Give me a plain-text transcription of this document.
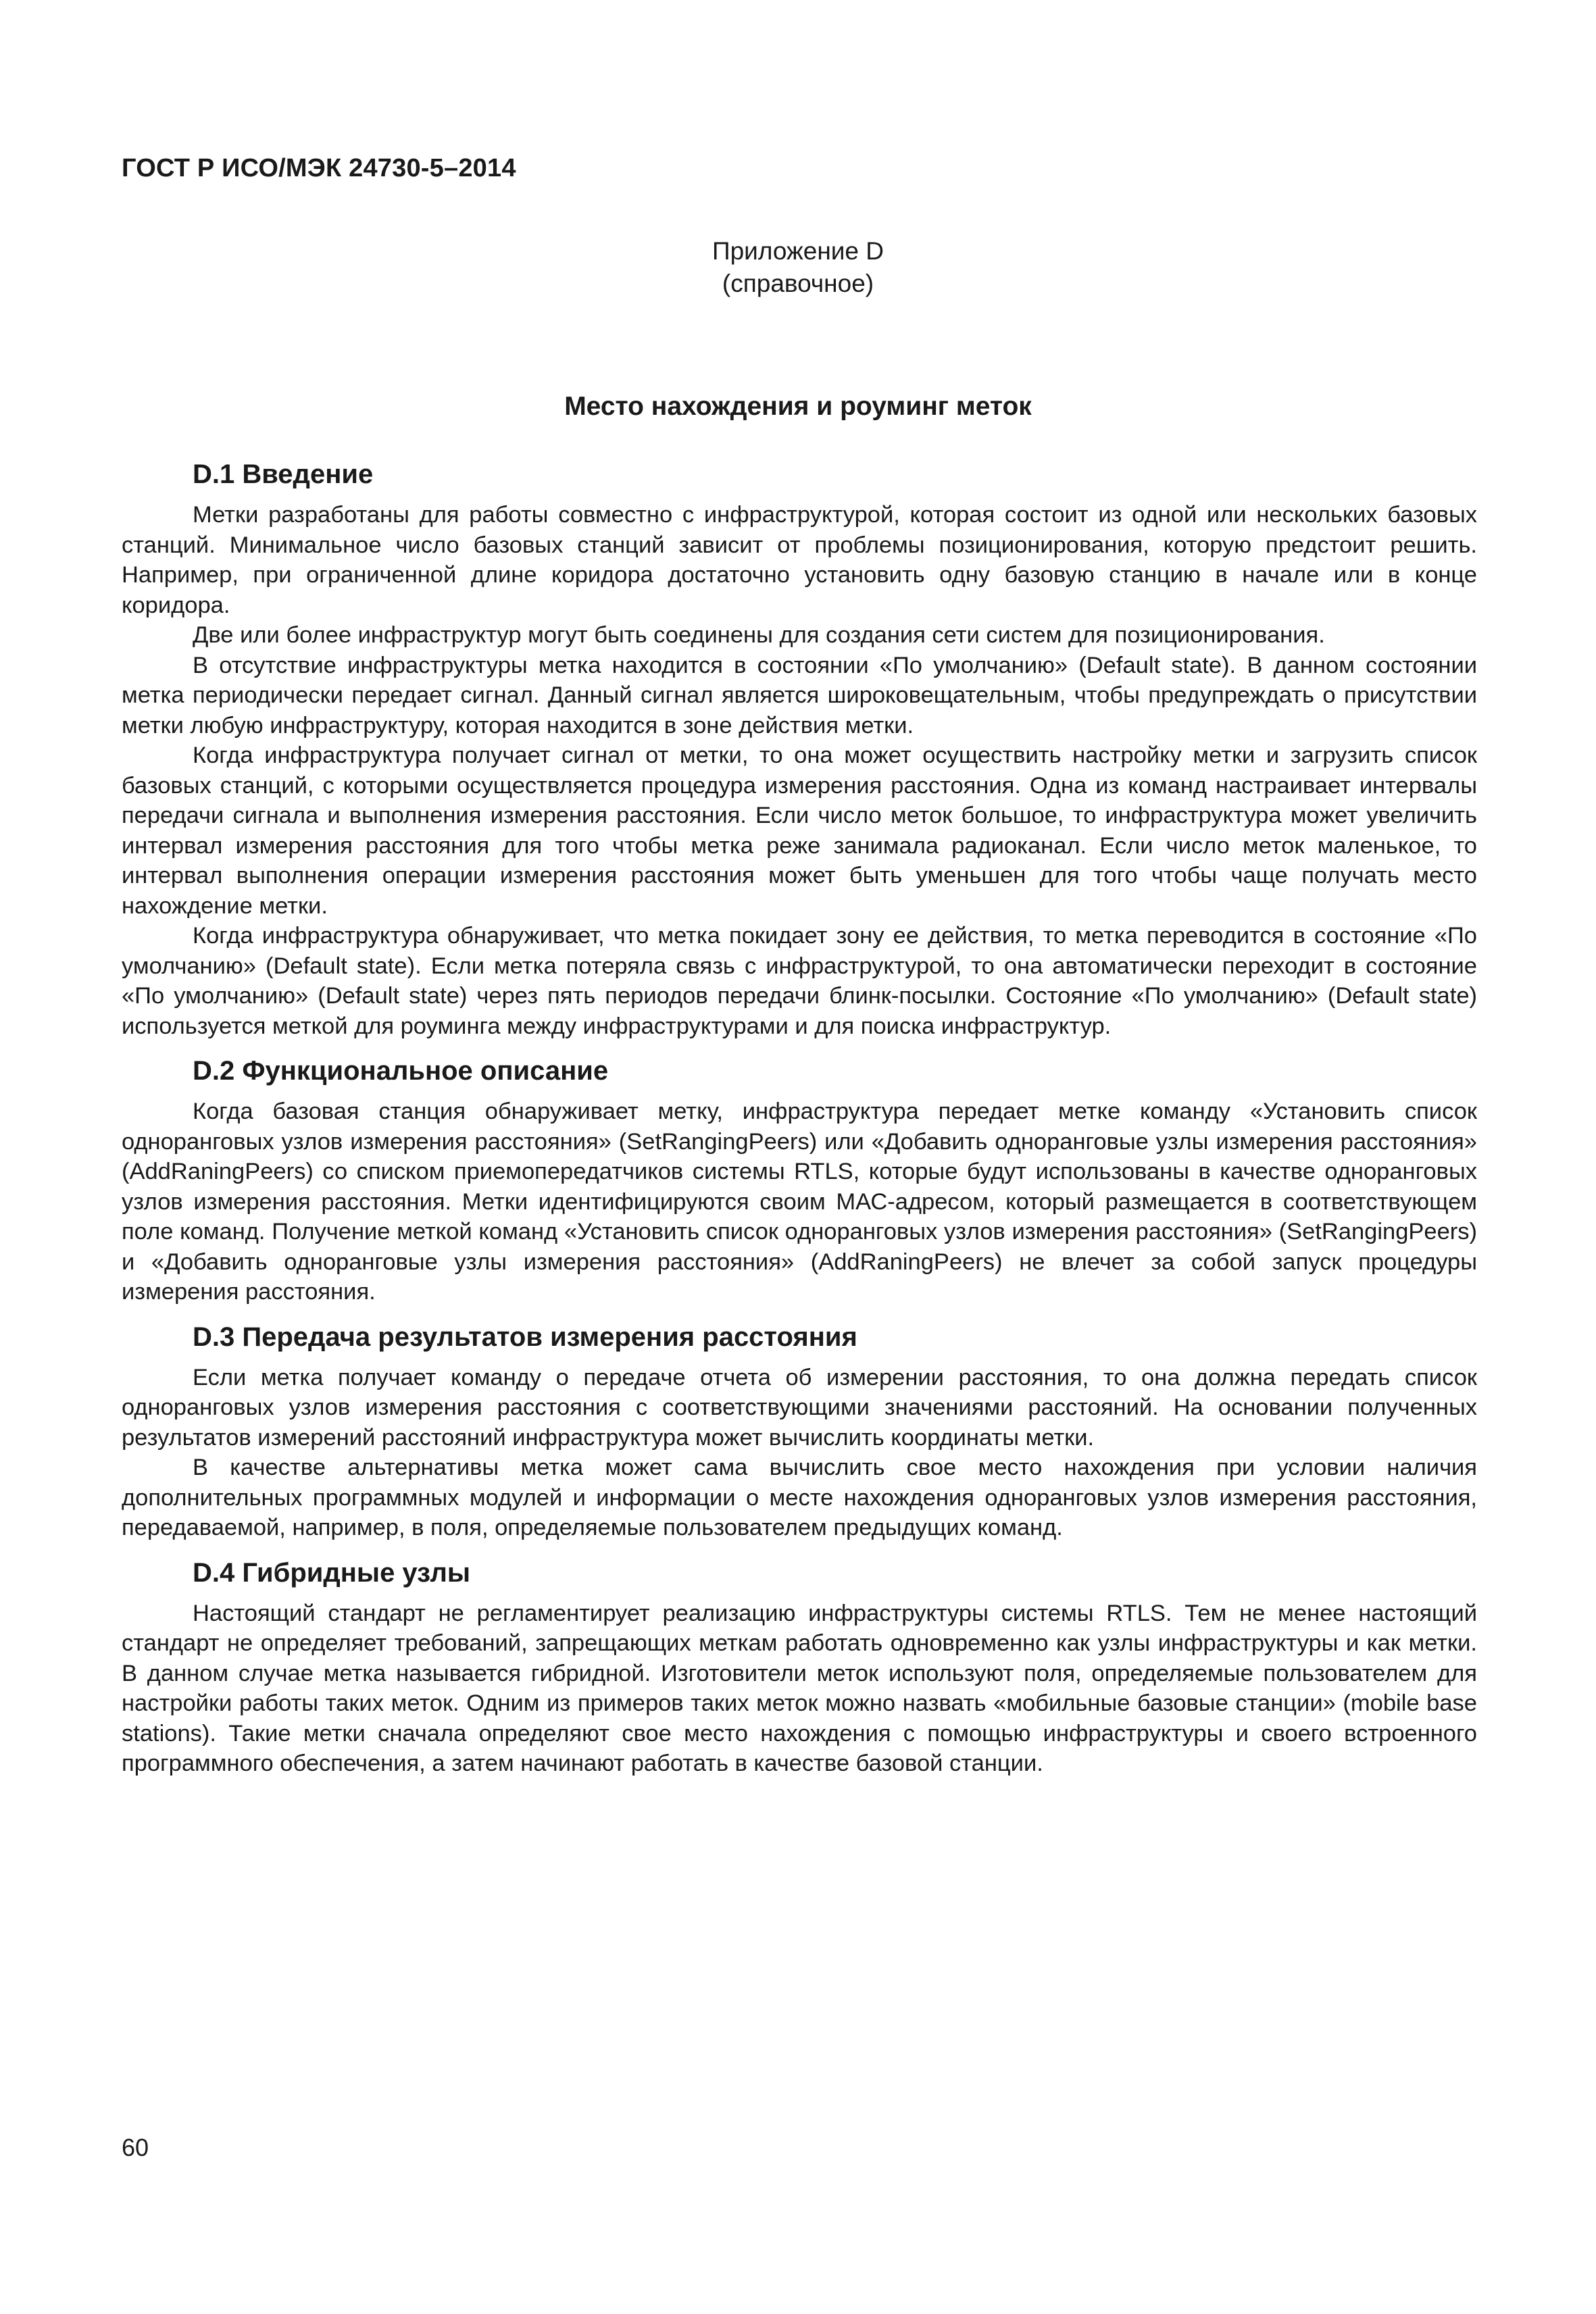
ГОСТ Р ИСО/МЭК 24730-5–2014
Приложение D
(справочное)
Место нахождения и роуминг меток
D.1 Введение

Метки разработаны для работы совместно с инфраструктурой, которая состоит из одной или нескольких базовых станций. Минимальное число базовых станций зависит от проблемы позиционирования, которую предстоит решить. Например, при ограниченной длине коридора достаточно установить одну базовую станцию в начале или в конце коридора.

Две или более инфраструктур могут быть соединены для создания сети систем для позиционирования.

В отсутствие инфраструктуры метка находится в состоянии «По умолчанию» (Default state). В данном состоянии метка периодически передает сигнал. Данный сигнал является широковещательным, чтобы предупреждать о присутствии метки любую инфраструктуру, которая находится в зоне действия метки.

Когда инфраструктура получает сигнал от метки, то она может осуществить настройку метки и загрузить список базовых станций, с которыми осуществляется процедура измерения расстояния. Одна из команд настраивает интервалы передачи сигнала и выполнения измерения расстояния. Если число меток большое, то инфраструктура может увеличить интервал измерения расстояния для того чтобы метка реже занимала радиоканал. Если число меток маленькое, то интервал выполнения операции измерения расстояния может быть уменьшен для того чтобы чаще получать место нахождение метки.

Когда инфраструктура обнаруживает, что метка покидает зону ее действия, то метка переводится в состояние «По умолчанию» (Default state). Если метка потеряла связь с инфраструктурой, то она автоматически переходит в состояние «По умолчанию» (Default state) через пять периодов передачи блинк-посылки. Состояние «По умолчанию» (Default state) используется меткой для роуминга между инфраструктурами и для поиска инфраструктур.

D.2 Функциональное описание

Когда базовая станция обнаруживает метку, инфраструктура передает метке команду «Установить список одноранговых узлов измерения расстояния» (SetRangingPeers) или «Добавить одноранговые узлы измерения расстояния» (AddRaningPeers) со списком приемопередатчиков системы RTLS, которые будут использованы в качестве одноранговых узлов измерения расстояния. Метки идентифицируются своим МАС-адресом, который размещается в соответствующем поле команд. Получение меткой команд «Установить список одноранговых узлов измерения расстояния» (SetRangingPeers) и «Добавить одноранговые узлы измерения расстояния» (AddRaningPeers) не влечет за собой запуск процедуры измерения расстояния.

D.3 Передача результатов измерения расстояния

Если метка получает команду о передаче отчета об измерении расстояния, то она должна передать список одноранговых узлов измерения расстояния с соответствующими значениями расстояний. На основании полученных результатов измерений расстояний инфраструктура может вычислить координаты метки.

В качестве альтернативы метка может сама вычислить свое место нахождения при условии наличия дополнительных программных модулей и информации о месте нахождения одноранговых узлов измерения расстояния, передаваемой, например, в поля, определяемые пользователем предыдущих команд.

D.4 Гибридные узлы

Настоящий стандарт не регламентирует реализацию инфраструктуры системы RTLS. Тем не менее настоящий стандарт не определяет требований, запрещающих меткам работать одновременно как узлы инфраструктуры и как метки. В данном случае метка называется гибридной. Изготовители меток используют поля, определяемые пользователем для настройки работы таких меток. Одним из примеров таких меток можно назвать «мобильные базовые станции» (mobile base stations). Такие метки сначала определяют свое место нахождения с помощью инфраструктуры и своего встроенного программного обеспечения, а затем начинают работать в качестве базовой станции.

60
